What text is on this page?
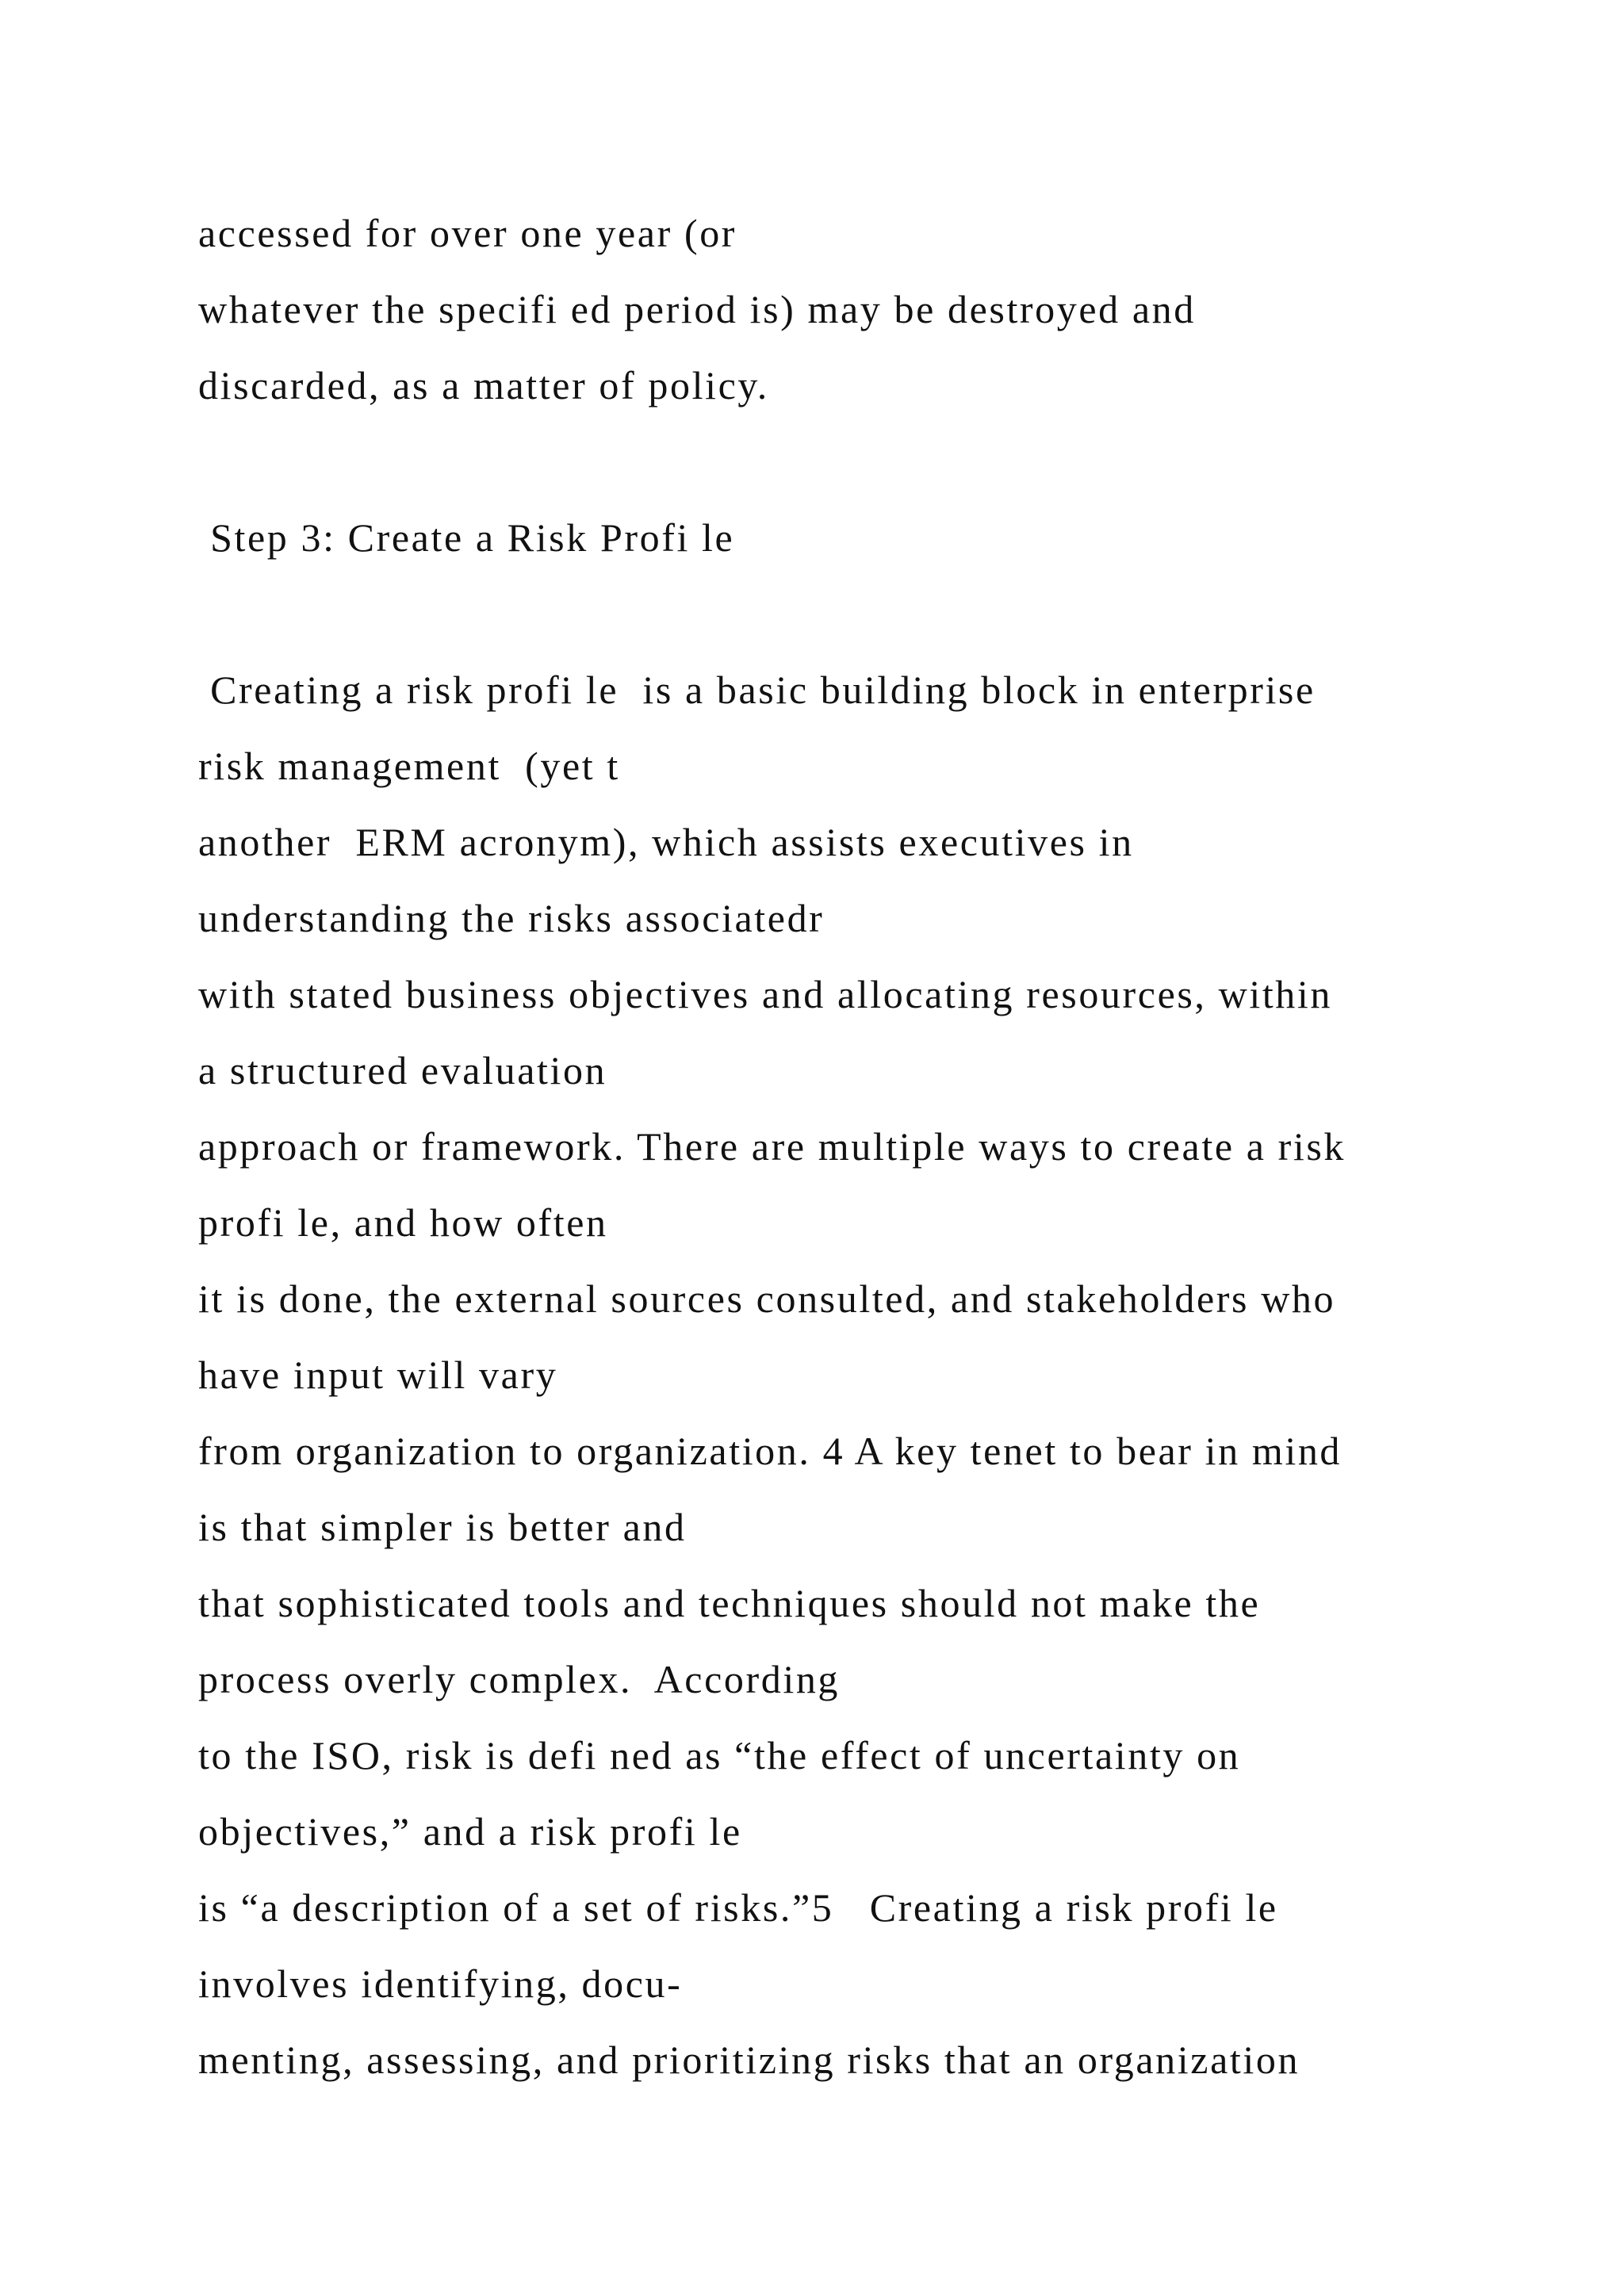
accessed for over one year (or
whatever the specifi ed period is) may be destroyed and
discarded, as a matter of policy.
Step 3: Create a Risk Profi le
Creating a risk profi le  is a basic building block in enterprise
risk management  (yet t
another  ERM acronym), which assists executives in
understanding the risks associatedr
with stated business objectives and allocating resources, within
a structured evaluation
approach or framework. There are multiple ways to create a risk
profi le, and how often
it is done, the external sources consulted, and stakeholders who
have input will vary
from organization to organization. 4 A key tenet to bear in mind
is that simpler is better and
that sophisticated tools and techniques should not make the
process overly complex.  According
to the ISO, risk is defi ned as “the effect of uncertainty on
objectives,” and a risk profi le
is “a description of a set of risks.”5   Creating a risk profi le
involves identifying, docu-
menting, assessing, and prioritizing risks that an organization
